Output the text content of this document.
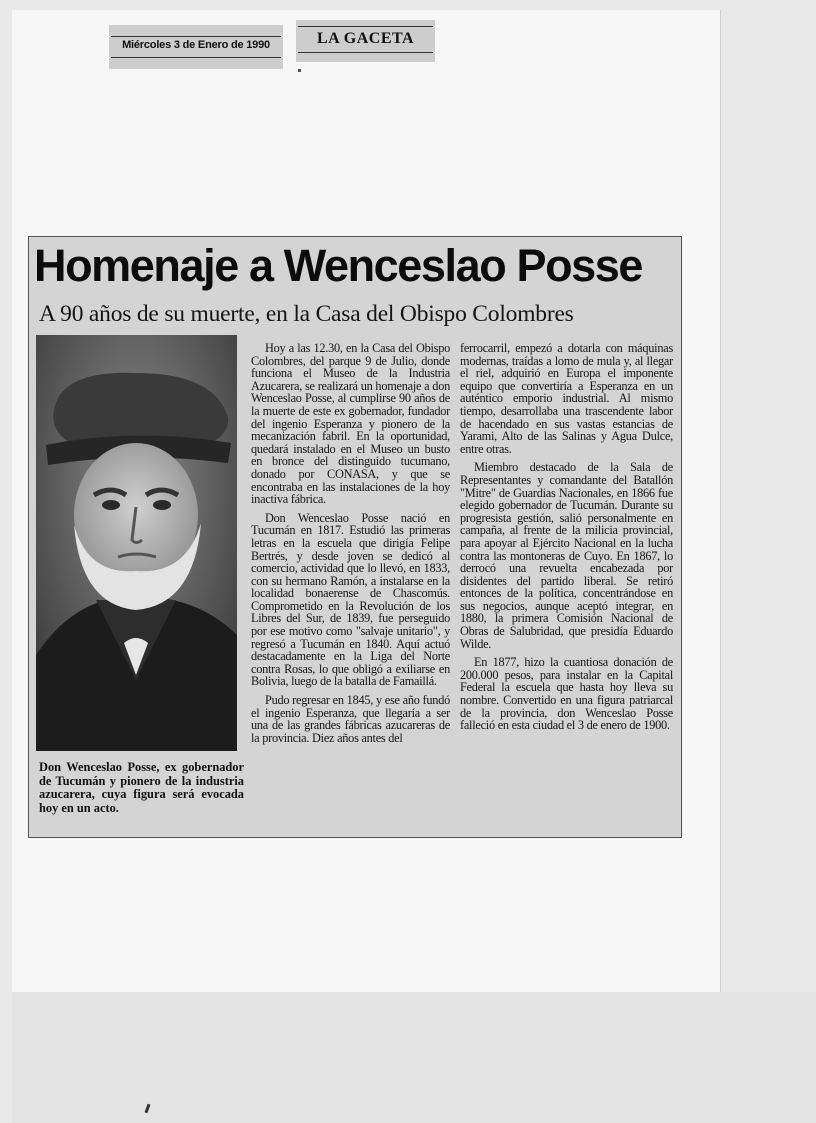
Miércoles 3 de Enero de 1990	LA GACETA
Homenaje a Wenceslao Posse
A 90 años de su muerte, en la Casa del Obispo Colombres
Don Wenceslao Posse, ex gobernador de Tucumán y pionero de la industria azucarera, cuya figura será evocada hoy en un acto.

Hoy a las 12.30, en la Casa del Obispo Colombres, del parque 9 de Julio, donde funciona el Museo de la Industria Azucarera, se realizará un homenaje a don Wenceslao Posse, al cumplirse 90 años de la muerte de este ex gobernador, fundador del ingenio Esperanza y pionero de la mecanización fabril. En la oportunidad, quedará instalado en el Museo un busto en bronce del distinguido tucumano, donado por CONASA, y que se encontraba en las instalaciones de la hoy inactiva fábrica.

Don Wenceslao Posse nació en Tucumán en 1817. Estudió las primeras letras en la escuela que dirigía Felipe Bertrés, y desde joven se dedicó al comercio, actividad que lo llevó, en 1833, con su hermano Ramón, a instalarse en la localidad bonaerense de Chascomús. Comprometido en la Revolución de los Libres del Sur, de 1839, fue perseguido por ese motivo como "salvaje unitario", y regresó a Tucumán en 1840. Aquí actuó destacadamente en la Liga del Norte contra Rosas, lo que obligó a exiliarse en Bolivia, luego de la batalla de Famaillá.

Pudo regresar en 1845, y ese año fundó el ingenio Esperanza, que llegaría a ser una de las grandes fábricas azucareras de la provincia. Diez años antes del

ferrocarril, empezó a dotarla con máquinas modernas, traídas a lomo de mula y, al llegar el riel, adquirió en Europa el imponente equipo que convertiría a Esperanza en un auténtico emporio industrial. Al mismo tiempo, desarrollaba una trascendente labor de hacendado en sus vastas estancias de Yarami, Alto de las Salinas y Agua Dulce, entre otras.

Miembro destacado de la Sala de Representantes y comandante del Batallón "Mitre" de Guardias Nacionales, en 1866 fue elegido gobernador de Tucumán. Durante su progresista gestión, salió personalmente en campaña, al frente de la milicia provincial, para apoyar al Ejército Nacional en la lucha contra las montoneras de Cuyo. En 1867, lo derrocó una revuelta encabezada por disidentes del partido liberal. Se retiró entonces de la política, concentrándose en sus negocios, aunque aceptó integrar, en 1880, la primera Comisión Nacional de Obras de Salubridad, que presidía Eduardo Wilde.

En 1877, hizo la cuantiosa donación de 200.000 pesos, para instalar en la Capital Federal la escuela que hasta hoy lleva su nombre. Convertido en una figura patriarcal de la provincia, don Wenceslao Posse falleció en esta ciudad el 3 de enero de 1900.
